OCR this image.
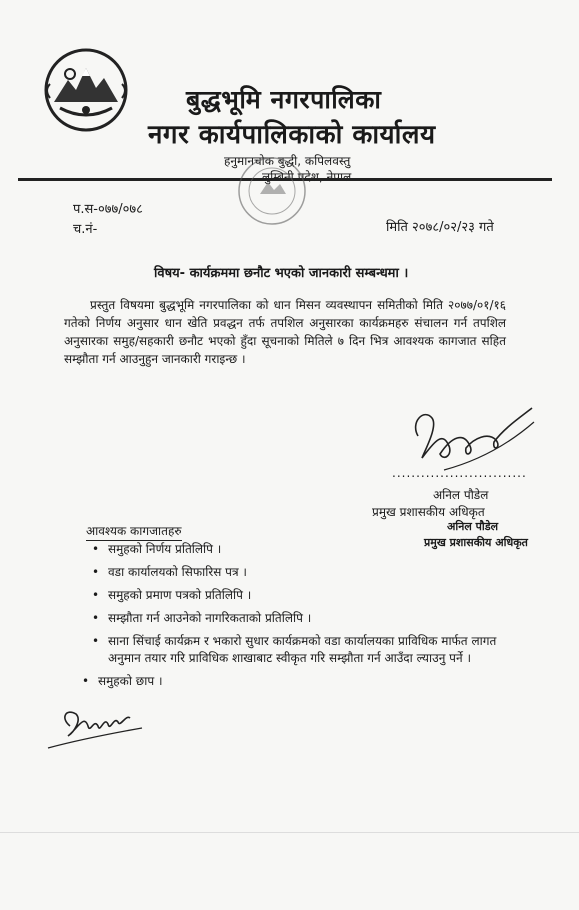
बुद्धभूमि नगरपालिका
नगर कार्यपालिकाको कार्यालय
हनुमानचोक बुद्धी, कपिलवस्तु
लुम्बिनी प्रदेश, नेपाल
प.स-०७७/०७८
च.नं-	मिति २०७८/०२/२३ गते
विषय- कार्यक्रममा छनौट भएको जानकारी सम्बन्धमा ।
प्रस्तुत विषयमा बुद्धभूमि नगरपालिका को धान मिसन व्यवस्थापन समितीको मिति २०७७/०१/१६ गतेको निर्णय अनुसार धान खेति प्रवद्धन तर्फ तपशिल अनुसारका कार्यक्रमहरु संचालन गर्न तपशिल अनुसारका समुह/सहकारी छनौट भएको हुँदा सूचनाको मितिले ७ दिन भित्र आवश्यक कागजात सहित सम्झौता गर्न आउनुहुन जानकारी गराइन्छ ।
............................
अनिल पौडेल
प्रमुख प्रशासकीय अधिकृत
अनिल पौडेल
प्रमुख प्रशासकीय अधिकृत
आवश्यक कागजातहरु
• समुहको निर्णय प्रतिलिपि ।
• वडा कार्यालयको सिफारिस पत्र ।
• समुहको प्रमाण पत्रको प्रतिलिपि ।
• सम्झौता गर्न आउनेको नागरिकताको प्रतिलिपि ।
• साना सिंचाई कार्यक्रम र भकारो सुधार कार्यक्रमको वडा कार्यालयका प्राविधिक मार्फत लागत अनुमान तयार गरि प्राविधिक शाखाबाट स्वीकृत गरि सम्झौता गर्न आउँदा ल्याउनु पर्ने ।
• समुहको छाप ।
